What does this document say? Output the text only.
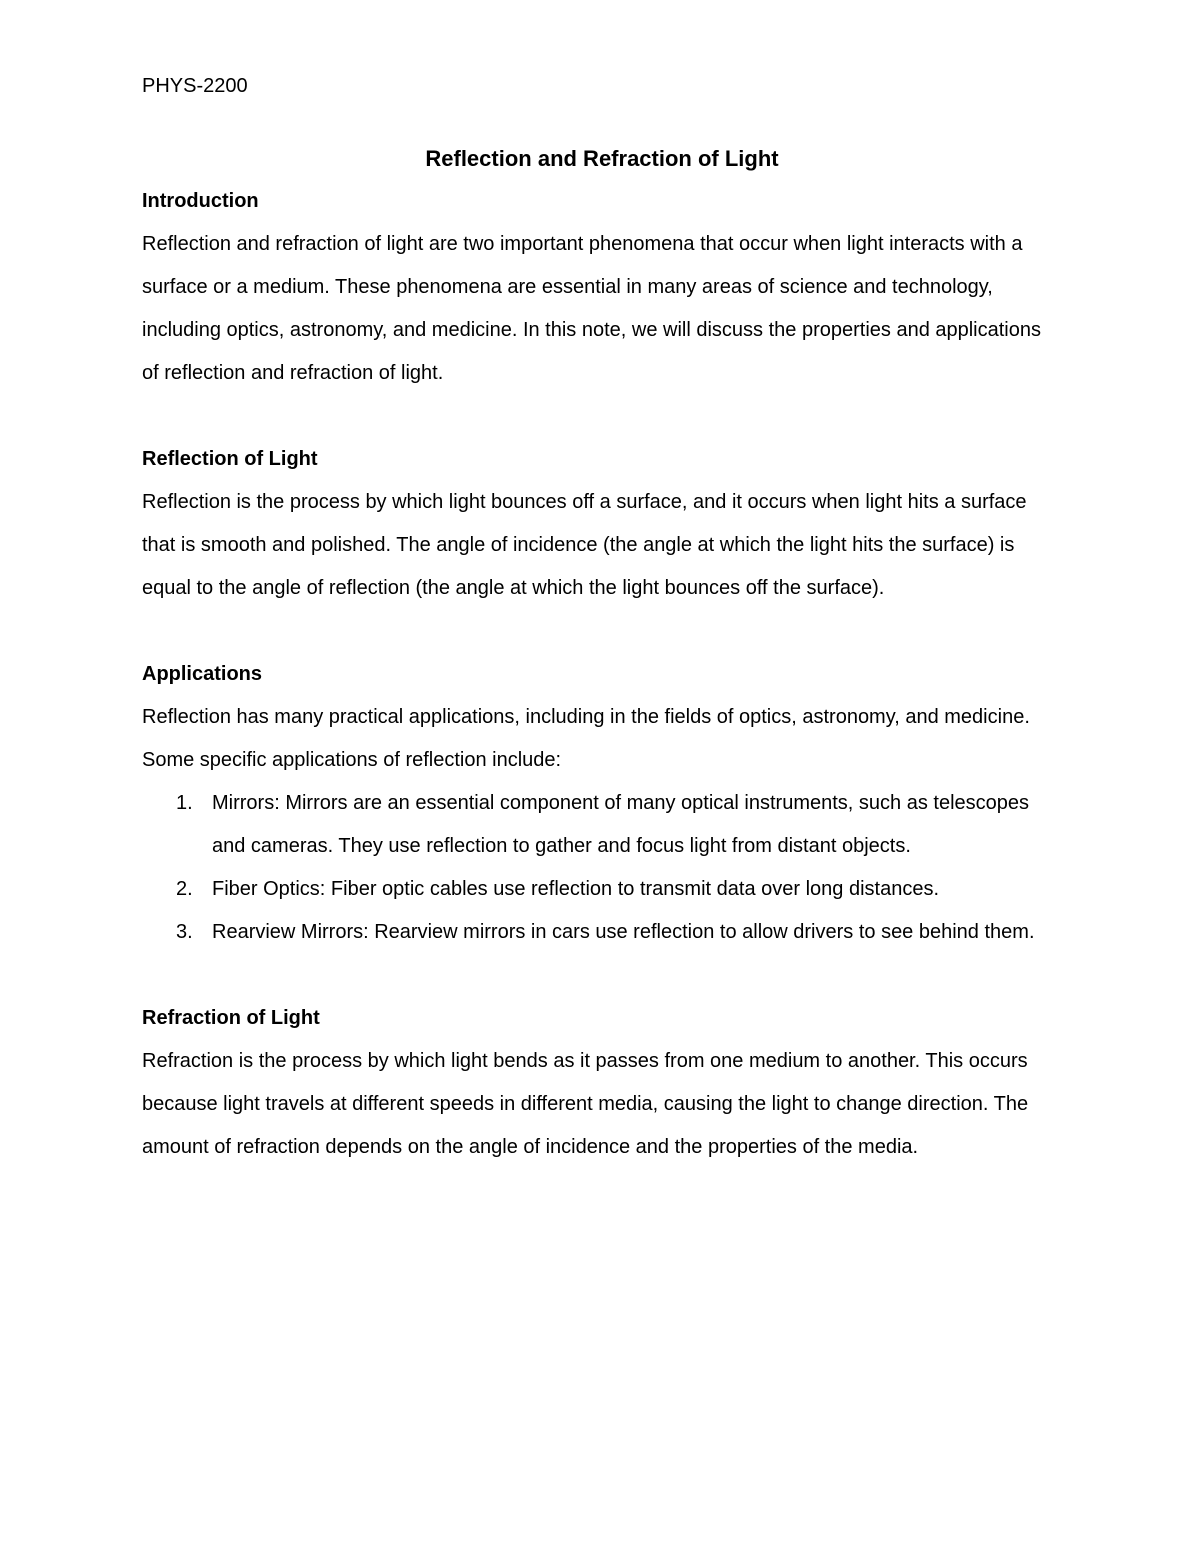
PHYS-2200

Reflection and Refraction of Light

Introduction

Reflection and refraction of light are two important phenomena that occur when light interacts with a surface or a medium. These phenomena are essential in many areas of science and technology, including optics, astronomy, and medicine. In this note, we will discuss the properties and applications of reflection and refraction of light.

Reflection of Light

Reflection is the process by which light bounces off a surface, and it occurs when light hits a surface that is smooth and polished. The angle of incidence (the angle at which the light hits the surface) is equal to the angle of reflection (the angle at which the light bounces off the surface).

Applications

Reflection has many practical applications, including in the fields of optics, astronomy, and medicine. Some specific applications of reflection include:

1. Mirrors: Mirrors are an essential component of many optical instruments, such as telescopes and cameras. They use reflection to gather and focus light from distant objects.
2. Fiber Optics: Fiber optic cables use reflection to transmit data over long distances.
3. Rearview Mirrors: Rearview mirrors in cars use reflection to allow drivers to see behind them.

Refraction of Light

Refraction is the process by which light bends as it passes from one medium to another. This occurs because light travels at different speeds in different media, causing the light to change direction. The amount of refraction depends on the angle of incidence and the properties of the media.
